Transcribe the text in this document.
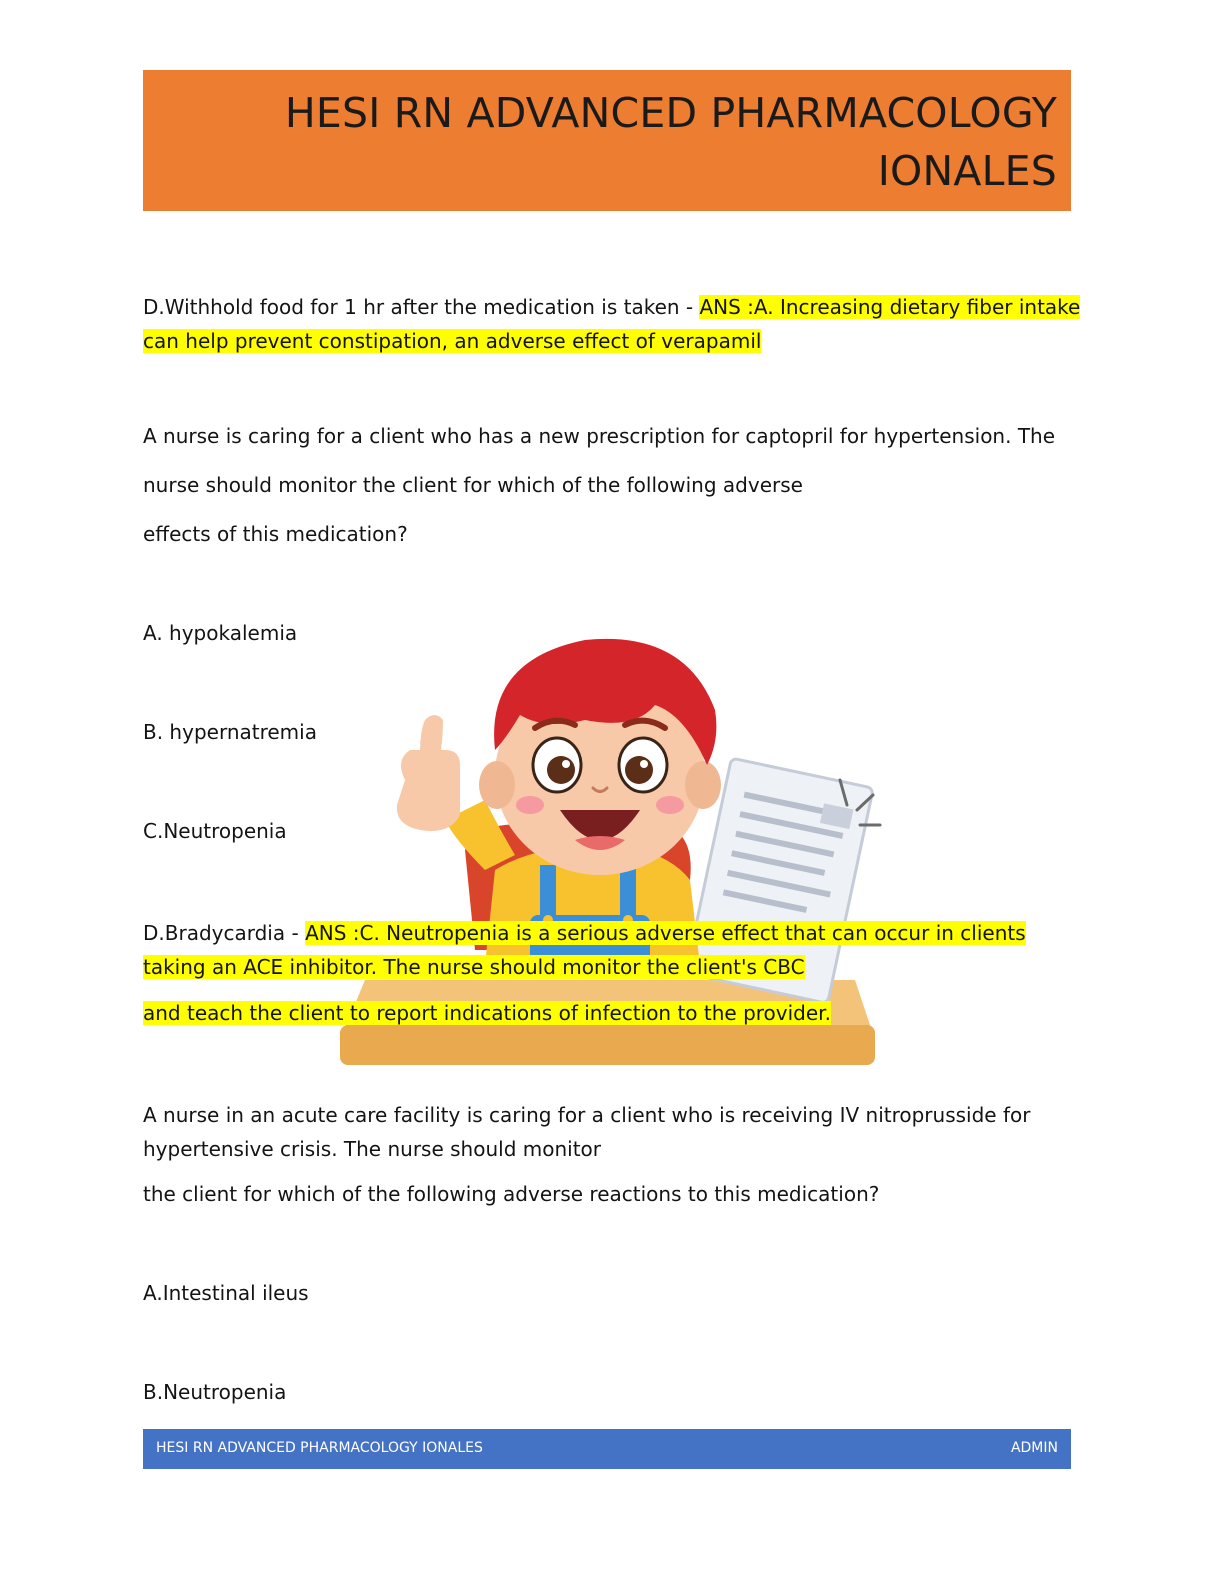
HESI RN ADVANCED PHARMACOLOGY
IONALES

D.Withhold food for 1 hr after the medication is taken - ANS :A. Increasing dietary fiber intake
can help prevent constipation, an adverse effect of verapamil

A nurse is caring for a client who has a new prescription for captopril for hypertension. The

nurse should monitor the client for which of the following adverse

effects of this medication?

A. hypokalemia

B. hypernatremia

C.Neutropenia

D.Bradycardia - ANS :C. Neutropenia is a serious adverse effect that can occur in clients
taking an ACE inhibitor. The nurse should monitor the client's CBC

and teach the client to report indications of infection to the provider.

A nurse in an acute care facility is caring for a client who is receiving IV nitroprusside for
hypertensive crisis. The nurse should monitor

the client for which of the following adverse reactions to this medication?

A.Intestinal ileus

B.Neutropenia

HESI RN ADVANCED PHARMACOLOGY IONALES	ADMIN
